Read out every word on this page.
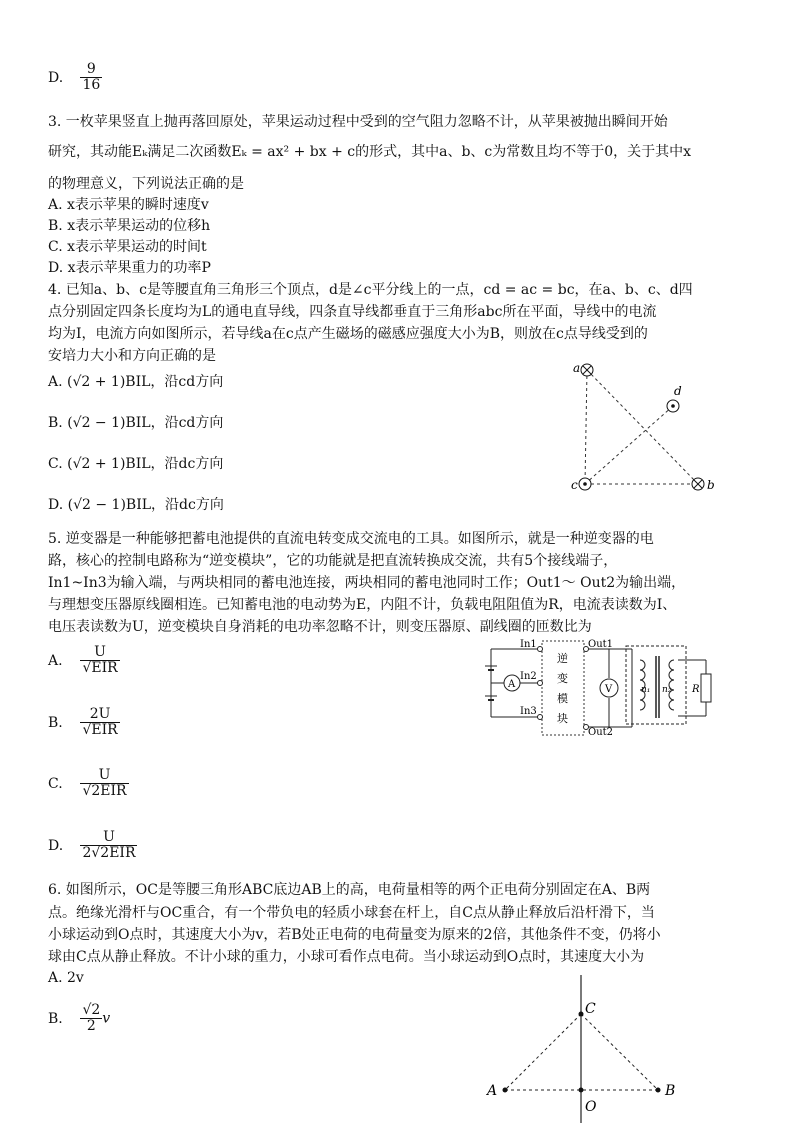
D. $\frac{9}{16}$
3. 一枚苹果竖直上抛再落回原处，苹果运动过程中受到的空气阻力忽略不计，从苹果被抛出瞬间开始
研究，其动能Eₖ满足二次函数Eₖ = ax² + bx + c的形式，其中a、b、c为常数且均不等于0，关于其中x
的物理意义，下列说法正确的是
A. x表示苹果的瞬时速度v
B. x表示苹果运动的位移h
C. x表示苹果运动的时间t
D. x表示苹果重力的功率P
4. 已知a、b、c是等腰直角三角形三个顶点，d是∠c平分线上的一点，cd = ac = bc，在a、b、c、d四
点分别固定四条长度均为L的通电直导线，四条直导线都垂直于三角形abc所在平面，导线中的电流
均为I，电流方向如图所示，若导线a在c点产生磁场的磁感应强度大小为B，则放在c点导线受到的
安培力大小和方向正确的是
A. (√2 + 1)BIL，沿cd方向
B. (√2 − 1)BIL，沿cd方向
C. (√2 + 1)BIL，沿dc方向
D. (√2 − 1)BIL，沿dc方向
a
d
c	b
5. 逆变器是一种能够把蓄电池提供的直流电转变成交流电的工具。如图所示，就是一种逆变器的电
路，核心的控制电路称为“逆变模块”，它的功能就是把直流转换成交流，共有5个接线端子，
In1~In3为输入端，与两块相同的蓄电池连接，两块相同的蓄电池同时工作；Out1～ Out2为输出端，
与理想变压器原线圈相连。已知蓄电池的电动势为E，内阻不计，负载电阻阻值为R，电流表读数为I、
电压表读数为U，逆变模块自身消耗的电功率忽略不计，则变压器原、副线圈的匝数比为
A. $\frac{U}{\text{√EIR}}$
B. $\frac{2U}{\text{√EIR}}$
C. $\frac{U}{\text{√2EIR}}$
D. $\frac{U}{\text{2√2EIR}}$
A	V
In1
In2
In3
Out1
Out2
逆
变
模
块
n₁ n₂ R
6. 如图所示，OC是等腰三角形ABC底边AB上的高，电荷量相等的两个正电荷分别固定在A、B两
点。绝缘光滑杆与OC重合，有一个带负电的轻质小球套在杆上，自C点从静止释放后沿杆滑下，当
小球运动到O点时，其速度大小为v，若B处正电荷的电荷量变为原来的2倍，其他条件不变，仍将小
球由C点从静止释放。不计小球的重力，小球可看作点电荷。当小球运动到O点时，其速度大小为
A. 2v
B. $\frac{√2}{2}$ v
C
A	B
O
